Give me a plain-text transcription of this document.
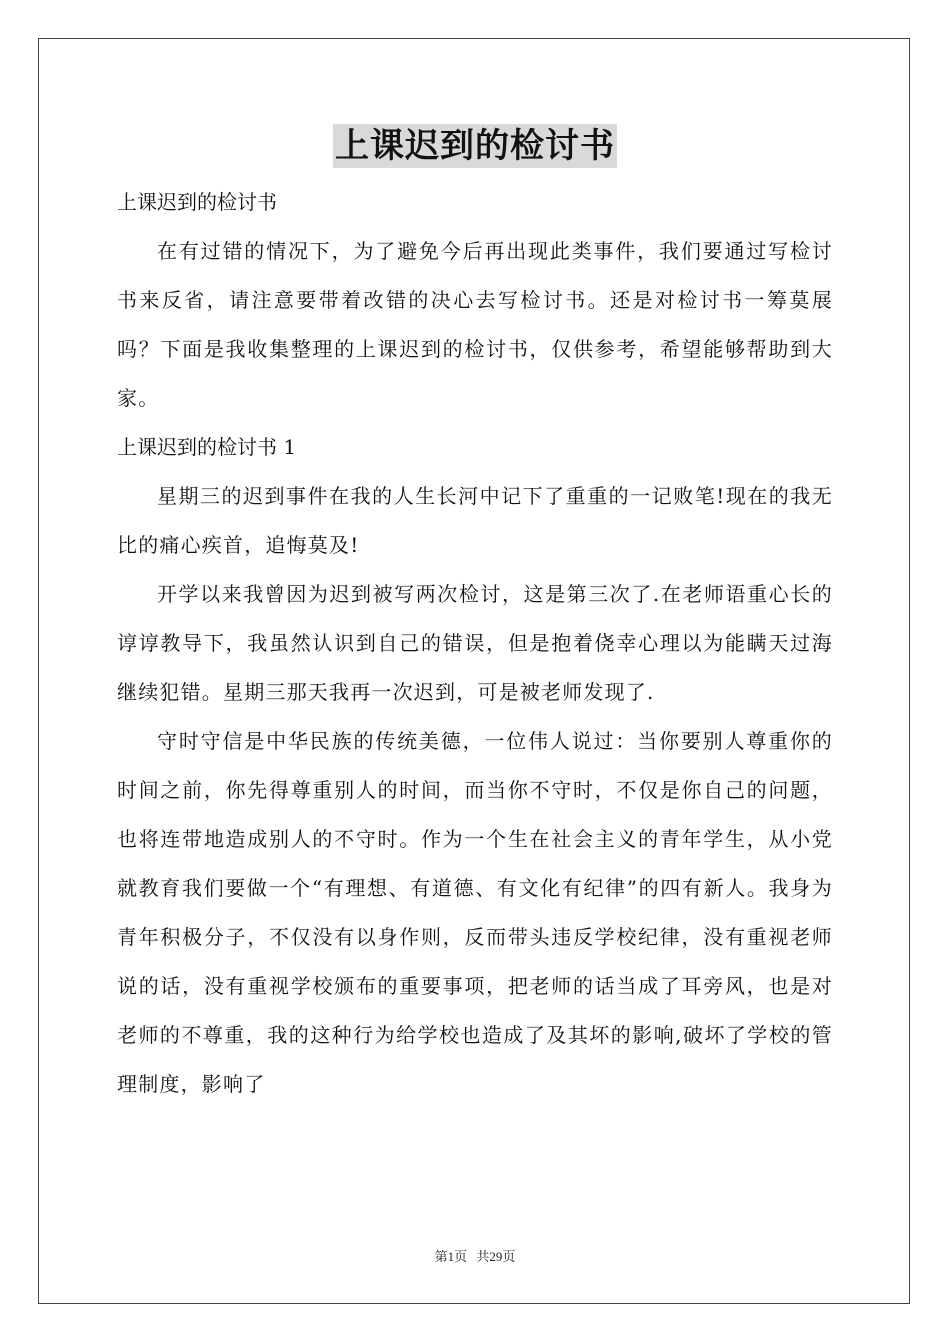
上课迟到的检讨书

上课迟到的检讨书

在有过错的情况下，为了避免今后再出现此类事件，我们要通过写检讨书来反省，请注意要带着改错的决心去写检讨书。还是对检讨书一筹莫展吗？下面是我收集整理的上课迟到的检讨书，仅供参考，希望能够帮助到大家。

上课迟到的检讨书 1

星期三的迟到事件在我的人生长河中记下了重重的一记败笔!现在的我无比的痛心疾首，追悔莫及!

开学以来我曾因为迟到被写两次检讨，这是第三次了.在老师语重心长的谆谆教导下，我虽然认识到自己的错误，但是抱着侥幸心理以为能瞒天过海继续犯错。星期三那天我再一次迟到，可是被老师发现了.

守时守信是中华民族的传统美德，一位伟人说过：当你要别人尊重你的时间之前，你先得尊重别人的时间，而当你不守时，不仅是你自己的问题，也将连带地造成别人的不守时。作为一个生在社会主义的青年学生，从小党就教育我们要做一个“有理想、有道德、有文化有纪律”的四有新人。我身为青年积极分子，不仅没有以身作则，反而带头违反学校纪律，没有重视老师说的话，没有重视学校颁布的重要事项，把老师的话当成了耳旁风，也是对老师的不尊重，我的这种行为给学校也造成了及其坏的影响,破坏了学校的管理制度，影响了

第1页 共29页
